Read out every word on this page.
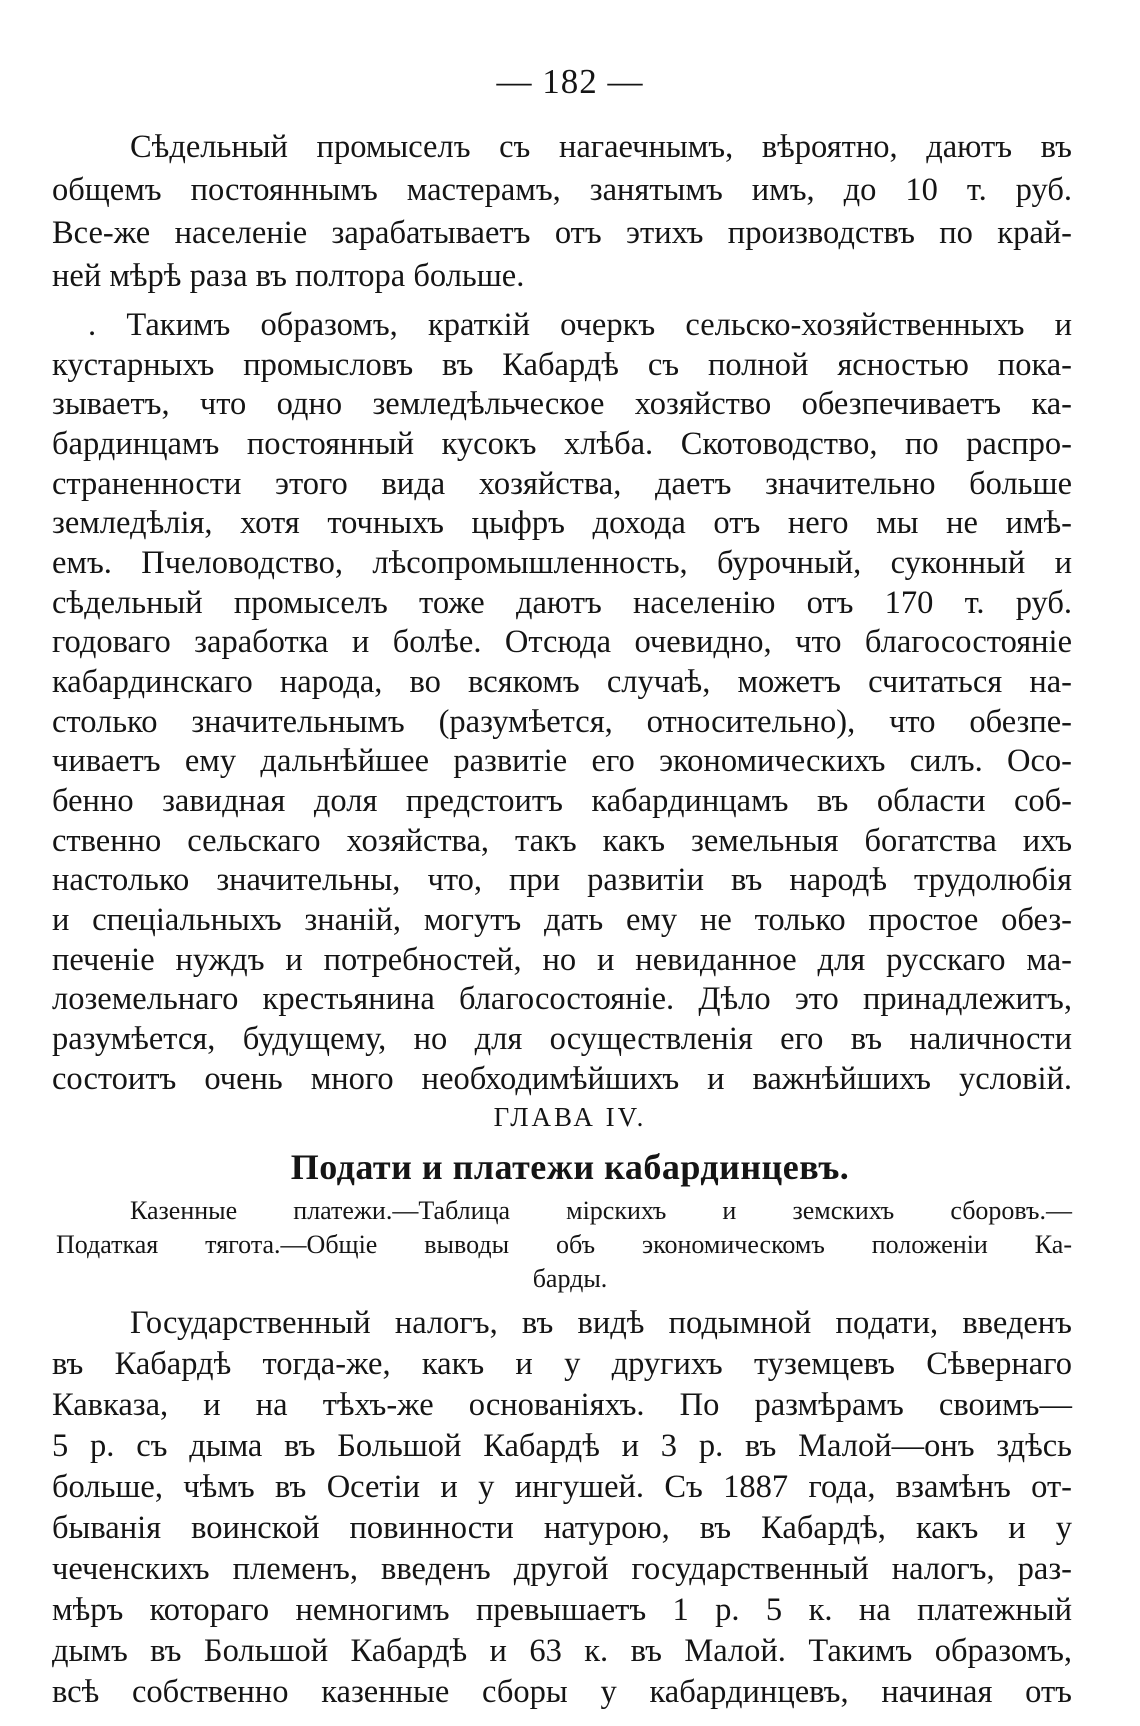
— 182 —
Сѣдельный промыселъ съ нагаечнымъ, вѣроятно, даютъ въ
общемъ постояннымъ мастерамъ, занятымъ имъ, до 10 т. руб.
Все-же населеніе зарабатываетъ отъ этихъ производствъ по край-
ней мѣрѣ раза въ полтора больше.
. Такимъ образомъ, краткій очеркъ сельско-хозяйственныхъ и
кустарныхъ промысловъ въ Кабардѣ съ полной ясностью пока-
зываетъ, что одно земледѣльческое хозяйство обезпечиваетъ ка-
бардинцамъ постоянный кусокъ хлѣба. Скотоводство, по распро-
страненности этого вида хозяйства, даетъ значительно больше
земледѣлія, хотя точныхъ цыфръ дохода отъ него мы не имѣ-
емъ. Пчеловодство, лѣсопромышленность, бурочный, суконный и
сѣдельный промыселъ тоже даютъ населенію отъ 170 т. руб.
годоваго заработка и болѣе. Отсюда очевидно, что благосостояніе
кабардинскаго народа, во всякомъ случаѣ, можетъ считаться на-
столько значительнымъ (разумѣется, относительно), что обезпе-
чиваетъ ему дальнѣйшее развитіе его экономическихъ силъ. Осо-
бенно завидная доля предстоитъ кабардинцамъ въ области соб-
ственно сельскаго хозяйства, такъ какъ земельныя богатства ихъ
настолько значительны, что, при развитіи въ народѣ трудолюбія
и спеціальныхъ знаній, могутъ дать ему не только простое обез-
печеніе нуждъ и потребностей, но и невиданное для русскаго ма-
лоземельнаго крестьянина благосостояніе. Дѣло это принадлежитъ,
разумѣется, будущему, но для осуществленія его въ наличности
состоитъ очень много необходимѣйшихъ и важнѣйшихъ условій.
ГЛАВА IV.
Подати и платежи кабардинцевъ.
Казенные платежи.—Таблица мірскихъ и земскихъ сборовъ.—
Податкая тягота.—Общіе выводы объ экономическомъ положеніи Ка-
барды.
Государственный налогъ, въ видѣ подымной подати, введенъ
въ Кабардѣ тогда-же, какъ и у другихъ туземцевъ Сѣвернаго
Кавказа, и на тѣхъ-же основаніяхъ. По размѣрамъ своимъ—
5 р. съ дыма въ Большой Кабардѣ и 3 р. въ Малой—онъ здѣсь
больше, чѣмъ въ Осетіи и у ингушей. Съ 1887 года, взамѣнъ от-
быванія воинской повинности натурою, въ Кабардѣ, какъ и у
чеченскихъ племенъ, введенъ другой государственный налогъ, раз-
мѣръ котораго немногимъ превышаетъ 1 р. 5 к. на платежный
дымъ въ Большой Кабардѣ и 63 к. въ Малой. Такимъ образомъ,
всѣ собственно казенные сборы у кабардинцевъ, начиная отъ
